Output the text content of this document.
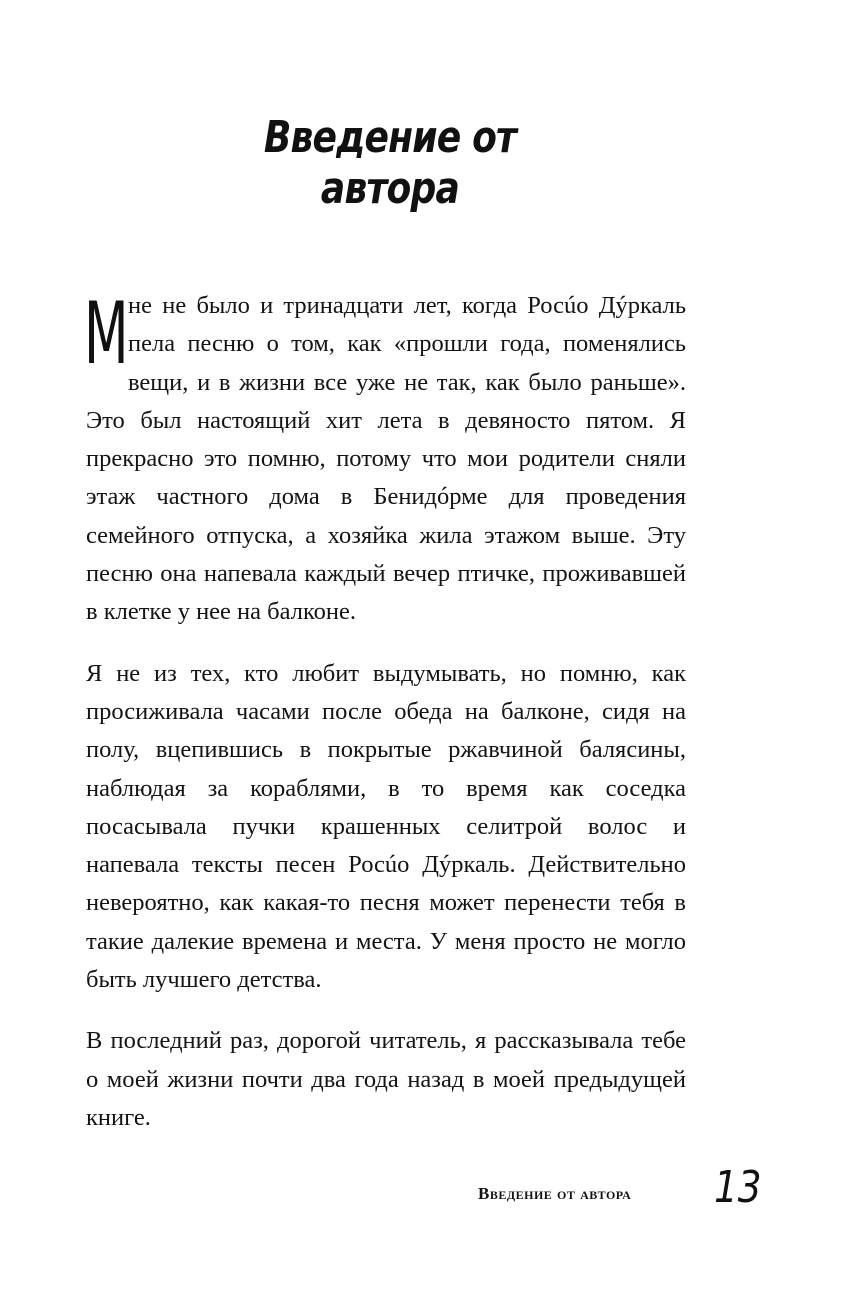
Введение от автора

Мне не было и тринадцати лет, когда Росúо Дýркаль пела песню о том, как «прошли года, поменялись вещи, и в жизни все уже не так, как было раньше». Это был настоящий хит лета в девяносто пятом. Я прекрасно это помню, потому что мои родители сняли этаж частного дома в Бенидóрме для проведения семейного отпуска, а хозяйка жила этажом выше. Эту песню она напевала каждый вечер птичке, проживавшей в клетке у нее на балконе.

Я не из тех, кто любит выдумывать, но помню, как просиживала часами после обеда на балконе, сидя на полу, вцепившись в покрытые ржавчиной балясины, наблюдая за кораблями, в то время как соседка посасывала пучки крашенных селитрой волос и напевала тексты песен Росúо Дýркаль. Действительно невероятно, как какая-то песня может перенести тебя в такие далекие времена и места. У меня просто не могло быть лучшего детства.

В последний раз, дорогой читатель, я рассказывала тебе о моей жизни почти два года назад в моей предыдущей книге.

Введение от автора 13
